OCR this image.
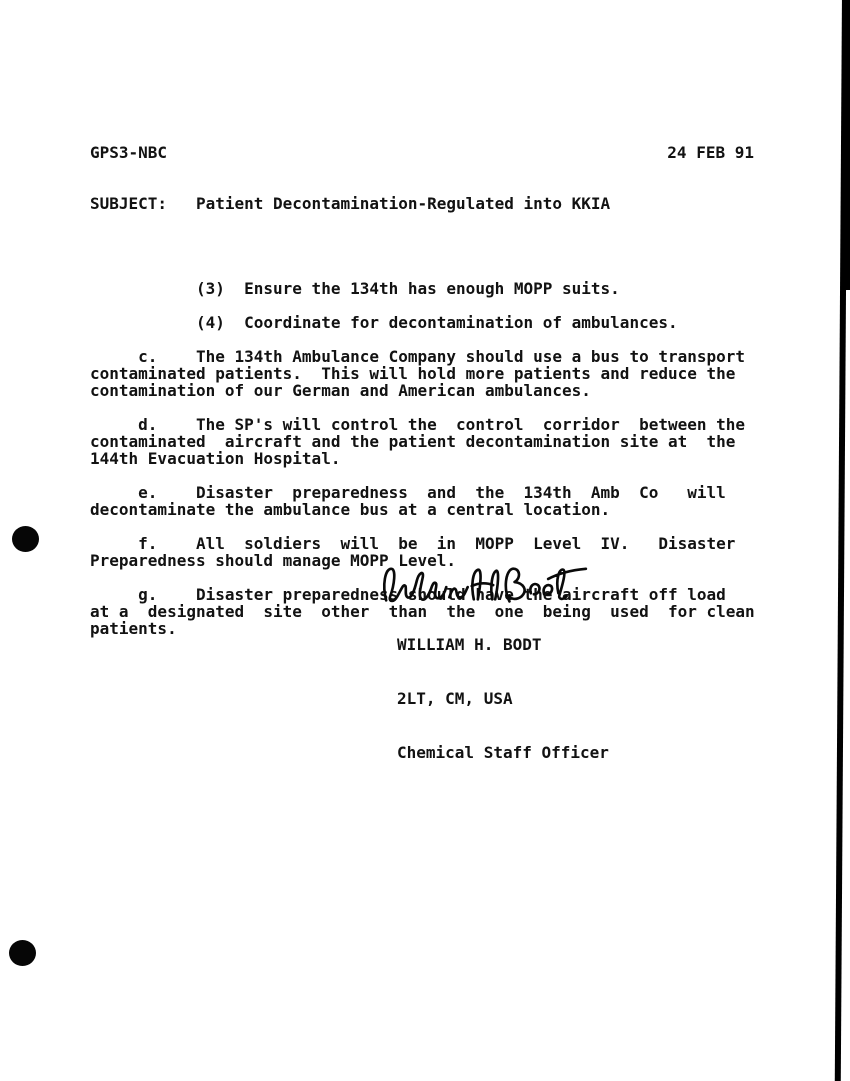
GPS3-NBC	24 FEB 91

SUBJECT:   Patient Decontamination-Regulated into KKIA

(3)  Ensure the 134th has enough MOPP suits.
(4)  Coordinate for decontamination of ambulances.
c.    The 134th Ambulance Company should use a bus to transport
contaminated patients.  This will hold more patients and reduce the
contamination of our German and American ambulances.
d.    The SP's will control the  control  corridor  between the
contaminated  aircraft and the patient decontamination site at  the
144th Evacuation Hospital.
e.    Disaster  preparedness  and  the  134th  Amb  Co   will
decontaminate the ambulance bus at a central location.
f.    All  soldiers  will  be  in  MOPP  Level  IV.   Disaster
Preparedness should manage MOPP Level.
g.    Disaster preparedness should have the aircraft off load
at a  designated  site  other  than  the  one  being  used  for clean
patients.

WILLIAM H. BODT

2LT, CM, USA

Chemical Staff Officer
